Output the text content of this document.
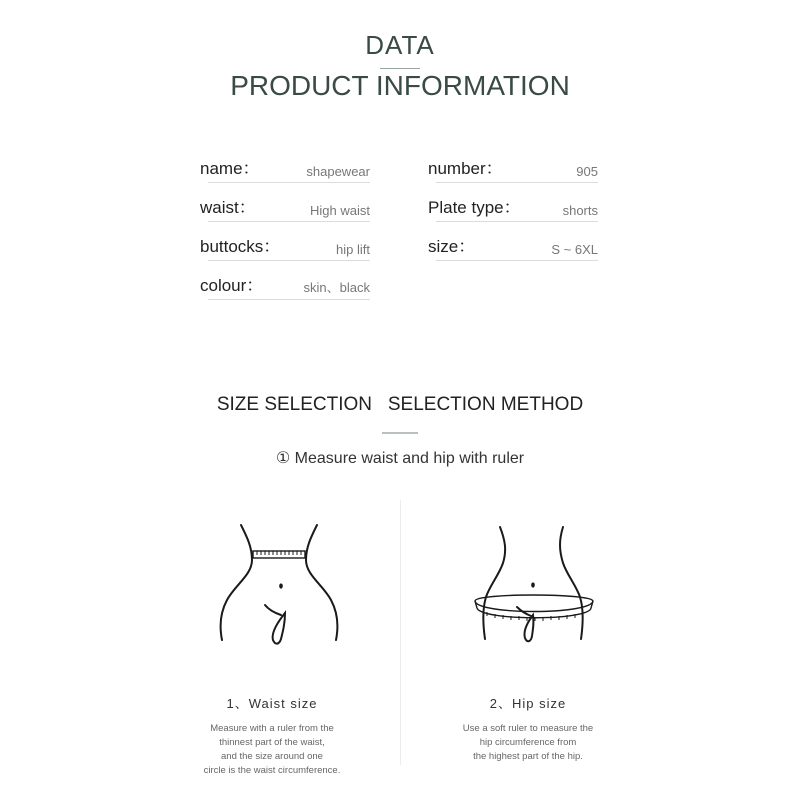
DATA
PRODUCT INFORMATION
name：	shapewear	number：	905
waist：	High waist	Plate type：	shorts
buttocks：	hip lift	size：	S ~ 6XL
colour：	skin、black
SIZE SELECTION   SELECTION METHOD
① Measure waist and hip with ruler
1、Waist size
Measure with a ruler from the
thinnest part of the waist,
and the size around one
circle is the waist circumference.
2、Hip size
Use a soft ruler to measure the
hip circumference from
the highest part of the hip.
